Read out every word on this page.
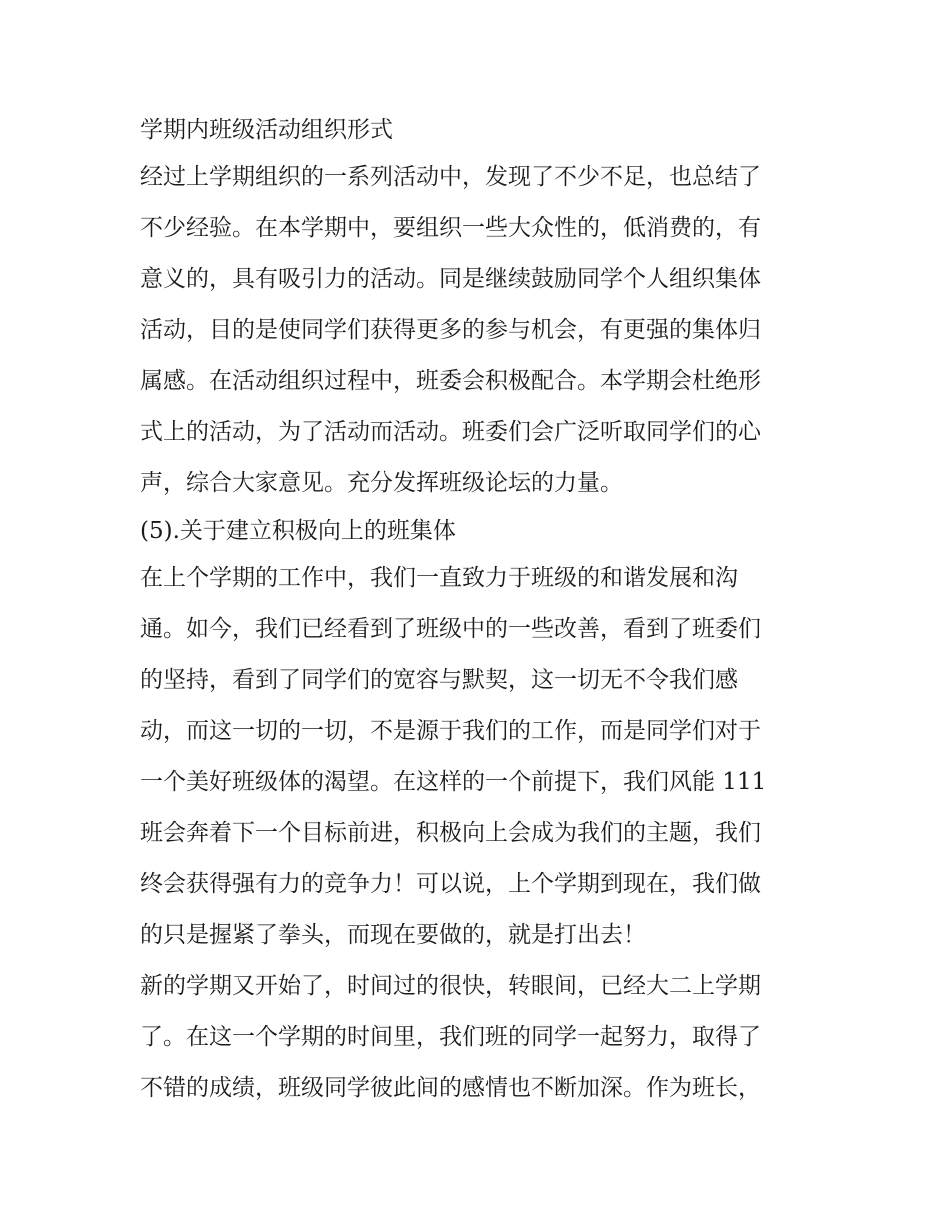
学期内班级活动组织形式
经过上学期组织的一系列活动中，发现了不少不足，也总结了
不少经验。在本学期中，要组织一些大众性的，低消费的，有
意义的，具有吸引力的活动。同是继续鼓励同学个人组织集体
活动，目的是使同学们获得更多的参与机会，有更强的集体归
属感。在活动组织过程中，班委会积极配合。本学期会杜绝形
式上的活动，为了活动而活动。班委们会广泛听取同学们的心
声，综合大家意见。充分发挥班级论坛的力量。
(5).关于建立积极向上的班集体
在上个学期的工作中，我们一直致力于班级的和谐发展和沟
通。如今，我们已经看到了班级中的一些改善，看到了班委们
的坚持，看到了同学们的宽容与默契，这一切无不令我们感
动，而这一切的一切，不是源于我们的工作，而是同学们对于
一个美好班级体的渴望。在这样的一个前提下，我们风能 111
班会奔着下一个目标前进，积极向上会成为我们的主题，我们
终会获得强有力的竞争力！可以说，上个学期到现在，我们做
的只是握紧了拳头，而现在要做的，就是打出去！
新的学期又开始了，时间过的很快，转眼间，已经大二上学期
了。在这一个学期的时间里，我们班的同学一起努力，取得了
不错的成绩，班级同学彼此间的感情也不断加深。作为班长，
